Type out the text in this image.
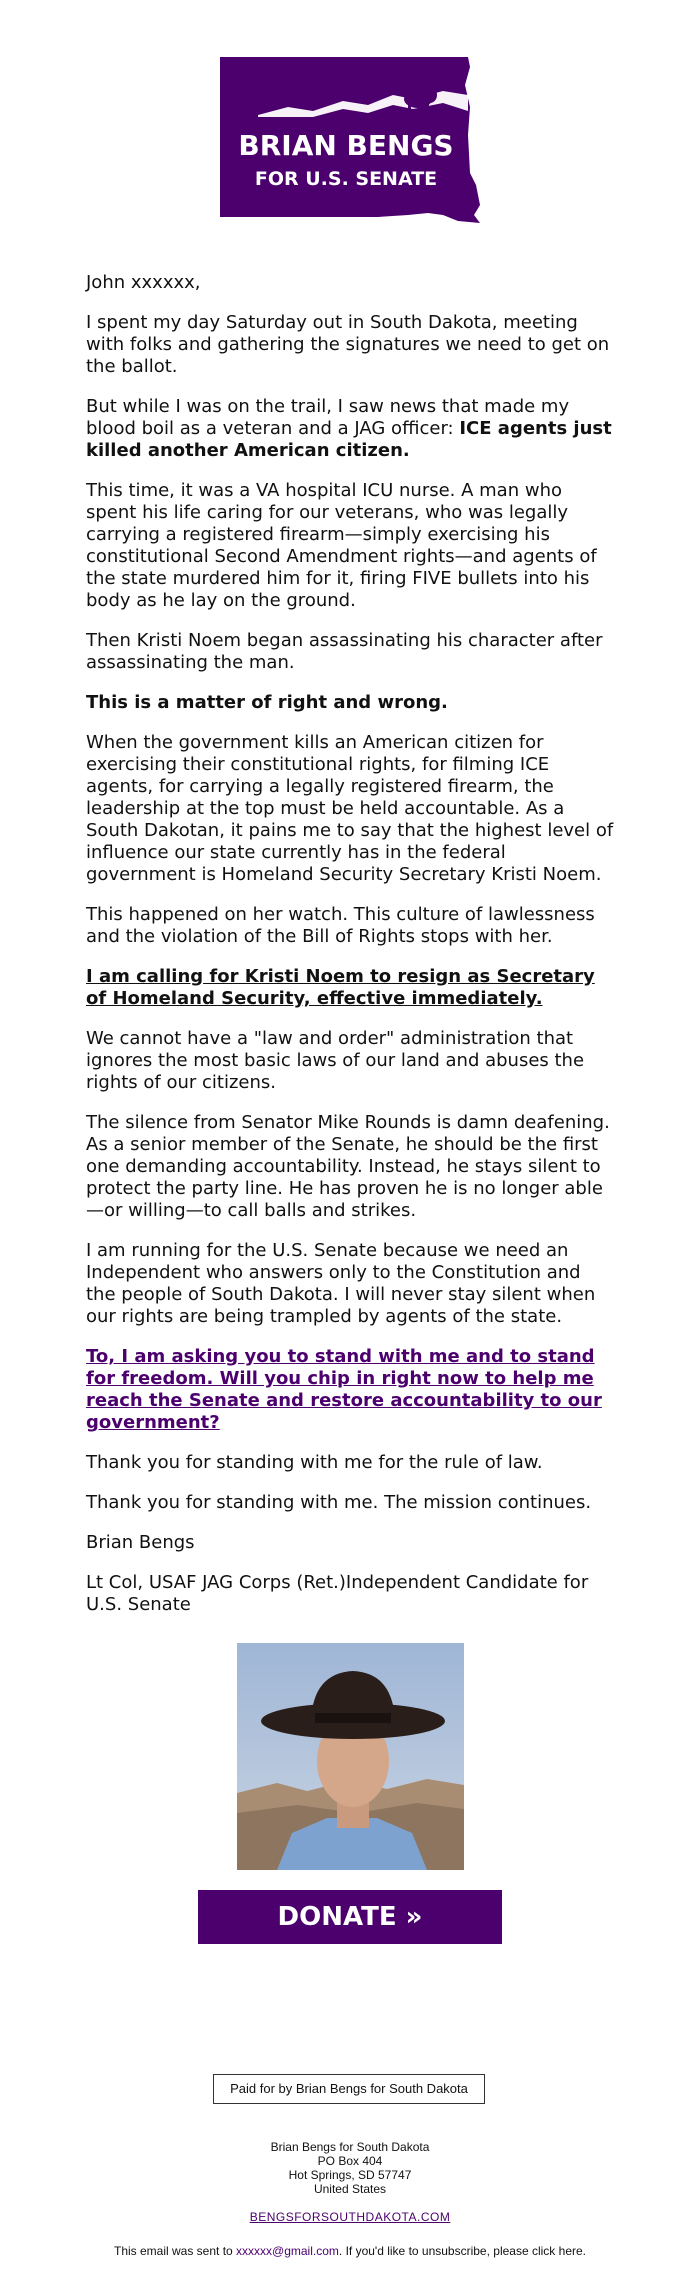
BRIAN BENGS
FOR U.S. SENATE

John xxxxxx,

I spent my day Saturday out in South Dakota, meeting with folks and gathering the signatures we need to get on the ballot.

But while I was on the trail, I saw news that made my blood boil as a veteran and a JAG officer: ICE agents just killed another American citizen.

This time, it was a VA hospital ICU nurse. A man who spent his life caring for our veterans, who was legally carrying a registered firearm—simply exercising his constitutional Second Amendment rights—and agents of the state murdered him for it, firing FIVE bullets into his body as he lay on the ground.

Then Kristi Noem began assassinating his character after assassinating the man.

This is a matter of right and wrong.

When the government kills an American citizen for exercising their constitutional rights, for filming ICE agents, for carrying a legally registered firearm, the leadership at the top must be held accountable. As a South Dakotan, it pains me to say that the highest level of influence our state currently has in the federal government is Homeland Security Secretary Kristi Noem.

This happened on her watch. This culture of lawlessness and the violation of the Bill of Rights stops with her.

I am calling for Kristi Noem to resign as Secretary of Homeland Security, effective immediately.

We cannot have a "law and order" administration that ignores the most basic laws of our land and abuses the rights of our citizens.

The silence from Senator Mike Rounds is damn deafening. As a senior member of the Senate, he should be the first one demanding accountability. Instead, he stays silent to protect the party line. He has proven he is no longer able—or willing—to call balls and strikes.

I am running for the U.S. Senate because we need an Independent who answers only to the Constitution and the people of South Dakota. I will never stay silent when our rights are being trampled by agents of the state.

To, I am asking you to stand with me and to stand for freedom. Will you chip in right now to help me reach the Senate and restore accountability to our government?

Thank you for standing with me for the rule of law.

Thank you for standing with me. The mission continues.

Brian Bengs

Lt Col, USAF JAG Corps (Ret.)Independent Candidate for U.S. Senate

DONATE »
Paid for by Brian Bengs for South Dakota
Brian Bengs for South Dakota
PO Box 404
Hot Springs, SD 57747
United States
BENGSFORSOUTHDAKOTA.COM
This email was sent to xxxxxx@gmail.com. If you'd like to unsubscribe, please click here.
